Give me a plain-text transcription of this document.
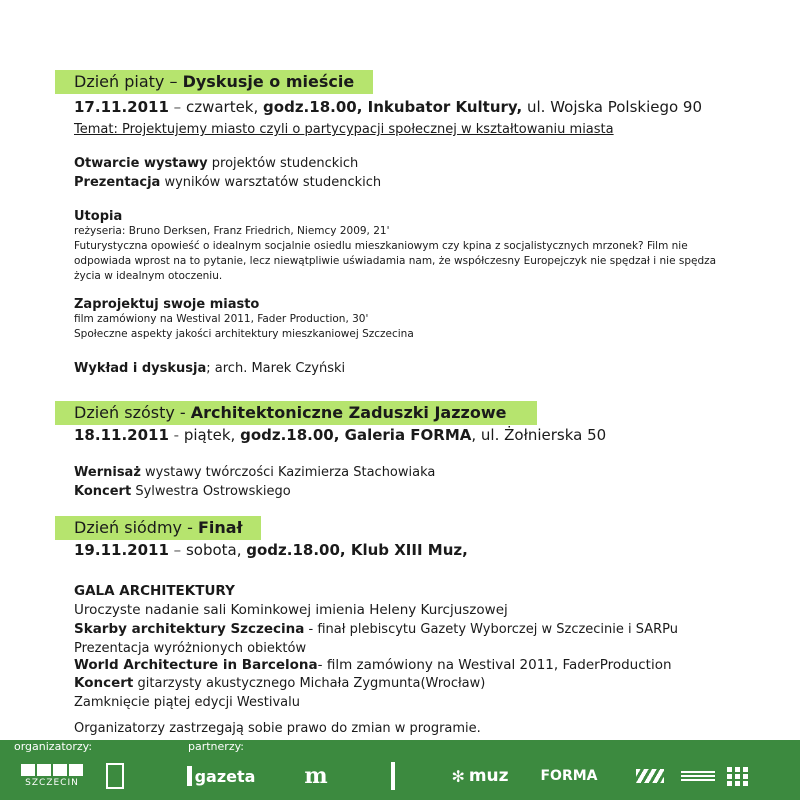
Dzień piaty – Dyskusje o mieście
17.11.2011 – czwartek, godz.18.00, Inkubator Kultury, ul. Wojska Polskiego 90
Temat: Projektujemy miasto czyli o partycypacji społecznej w kształtowaniu miasta
Otwarcie wystawy projektów studenckich
Prezentacja wyników warsztatów studenckich
Utopia
reżyseria: Bruno Derksen, Franz Friedrich, Niemcy 2009, 21'
Futurystyczna opowieść o idealnym socjalnie osiedlu mieszkaniowym czy kpina z socjalistycznych mrzonek? Film nie
odpowiada wprost na to pytanie, lecz niewątpliwie uświadamia nam, że współczesny Europejczyk nie spędzał i nie spędza
życia w idealnym otoczeniu.
Zaprojektuj swoje miasto
film zamówiony na Westival 2011, Fader Production, 30'
Społeczne aspekty jakości architektury mieszkaniowej Szczecina
Wykład i dyskusja; arch. Marek Czyński
Dzień szósty - Architektoniczne Zaduszki Jazzowe
18.11.2011 - piątek, godz.18.00, Galeria FORMA, ul. Żołnierska 50
Wernisaż wystawy twórczości Kazimierza Stachowiaka
Koncert Sylwestra Ostrowskiego
Dzień siódmy - Finał
19.11.2011 – sobota, godz.18.00, Klub XIII Muz,
GALA ARCHITEKTURY
Uroczyste nadanie sali Kominkowej imienia Heleny Kurcjuszowej
Skarby architektury Szczecina - finał plebiscytu Gazety Wyborczej w Szczecinie i SARPu
Prezentacja wyróżnionych obiektów
World Architecture in Barcelona- film zamówiony na Westival 2011, FaderProduction
Koncert gitarzysty akustycznego Michała Zygmunta(Wrocław)
Zamknięcie piątej edycji Westivalu
Organizatorzy zastrzegają sobie prawo do zmian w programie.
organizatorzy:	partnerzy:
SZCZECIN	gazeta m	✻ muz FORMA
